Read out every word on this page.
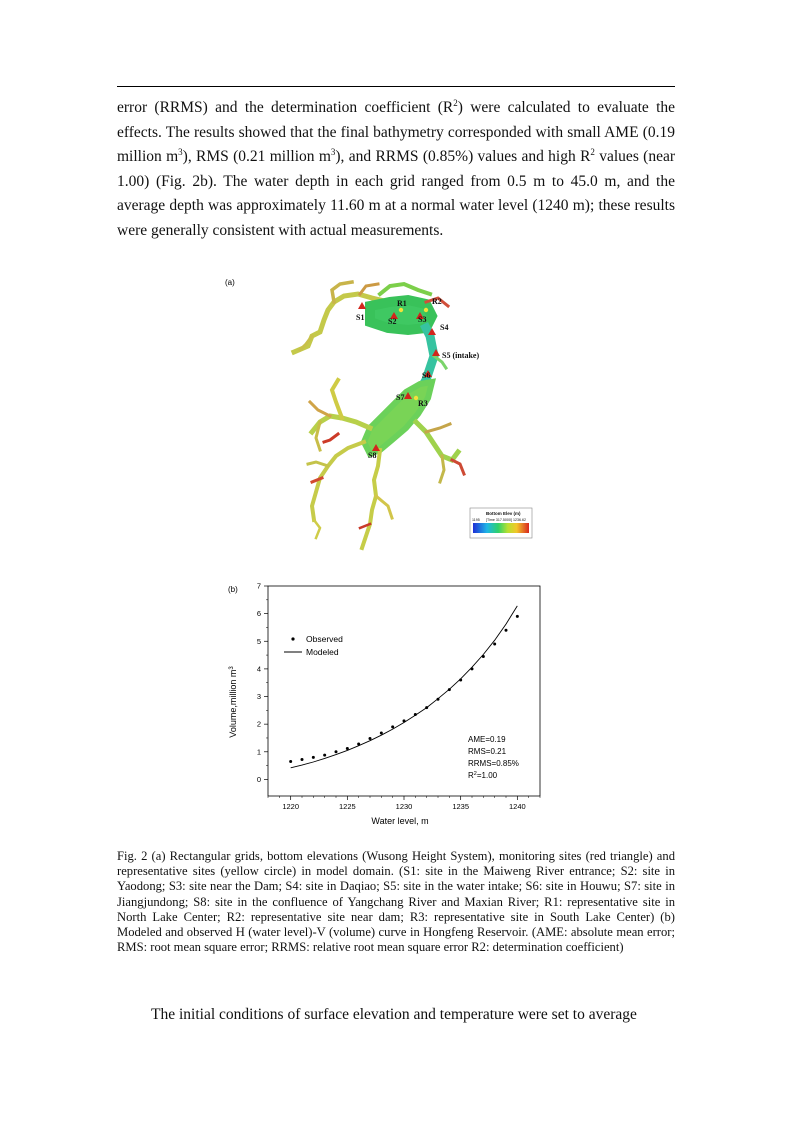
error (RRMS) and the determination coefficient $(R^2)$ were calculated to evaluate the effects. The results showed that the final bathymetry corresponded with small AME (0.19 million $m^3$), RMS (0.21 million $m^3$), and RRMS (0.85%) values and high $R^2$ values (near 1.00) (Fig. 2b). The water depth in each grid ranged from 0.5 m to 45.0 m, and the average depth was approximately 11.60 m at a normal water level (1240 m); these results were generally consistent with actual measurements.

(a)
S1
R1	R2
S2	S3
S4
S5 (intake)
S6
S7
R3
S8
Bottom Elev (m)
1195 [Time 317.5000] 1236.62
(b)
1220	1225	1230	1235	1240
0
1
2
3
4
5
6
7
Observed
Modeled
AME=0.19
RMS=0.21
RRMS=0.85%
$R^2=1.00$
Water level, m
Volume,million $m^3$

Fig. 2 (a) Rectangular grids, bottom elevations (Wusong Height System), monitoring sites (red triangle) and representative sites (yellow circle) in model domain. (S1: site in the Maiweng River entrance; S2: site in Yaodong; S3: site near the Dam; S4: site in Daqiao; S5: site in the water intake; S6: site in Houwu; S7: site in Jiangjundong; S8: site in the confluence of Yangchang River and Maxian River; R1: representative site in North Lake Center; R2: representative site near dam; R3: representative site in South Lake Center) (b) Modeled and observed H (water level)-V (volume) curve in Hongfeng Reservoir. (AME: absolute mean error; RMS: root mean square error; RRMS: relative root mean square error R2: determination coefficient)

The initial conditions of surface elevation and temperature were set to average
